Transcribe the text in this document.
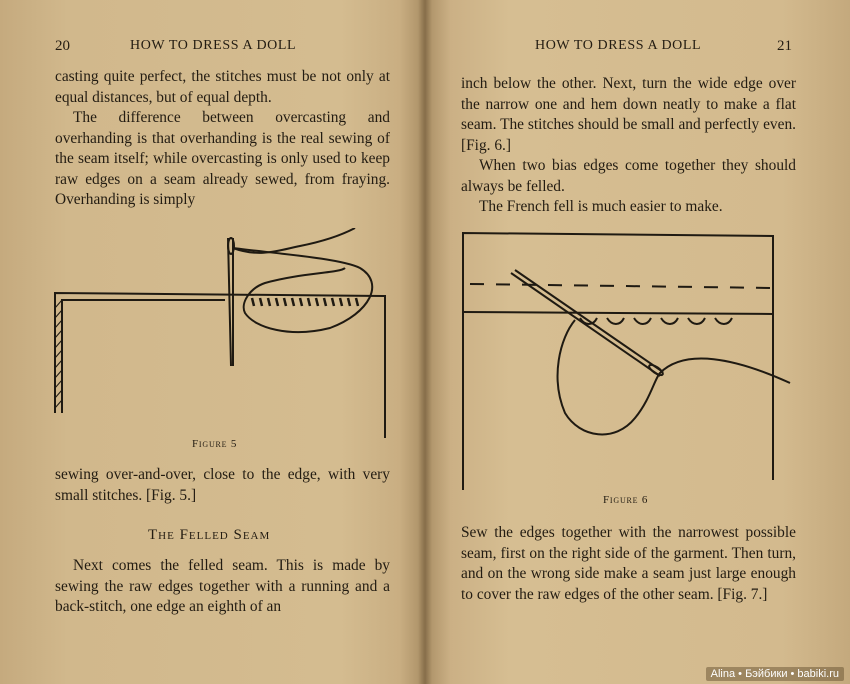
20	HOW TO DRESS A DOLL

casting quite perfect, the stitches must be not only at equal distances, but of equal depth.

The difference between overcasting and overhanding is that overhanding is the real sewing of the seam itself; while overcasting is only used to keep raw edges on a seam already sewed, from fraying. Overhanding is simply

Figure 5

sewing over-and-over, close to the edge, with very small stitches. [Fig. 5.]

The Felled Seam

Next comes the felled seam. This is made by sewing the raw edges together with a running and a back-stitch, one edge an eighth of an

HOW TO DRESS A DOLL	21

inch below the other. Next, turn the wide edge over the narrow one and hem down neatly to make a flat seam. The stitches should be small and perfectly even. [Fig. 6.]

When two bias edges come together they should always be felled.

The French fell is much easier to make.

Figure 6

Sew the edges together with the narrowest possible seam, first on the right side of the garment. Then turn, and on the wrong side make a seam just large enough to cover the raw edges of the other seam. [Fig. 7.]

Alina • Бэйбики • babiki.ru
